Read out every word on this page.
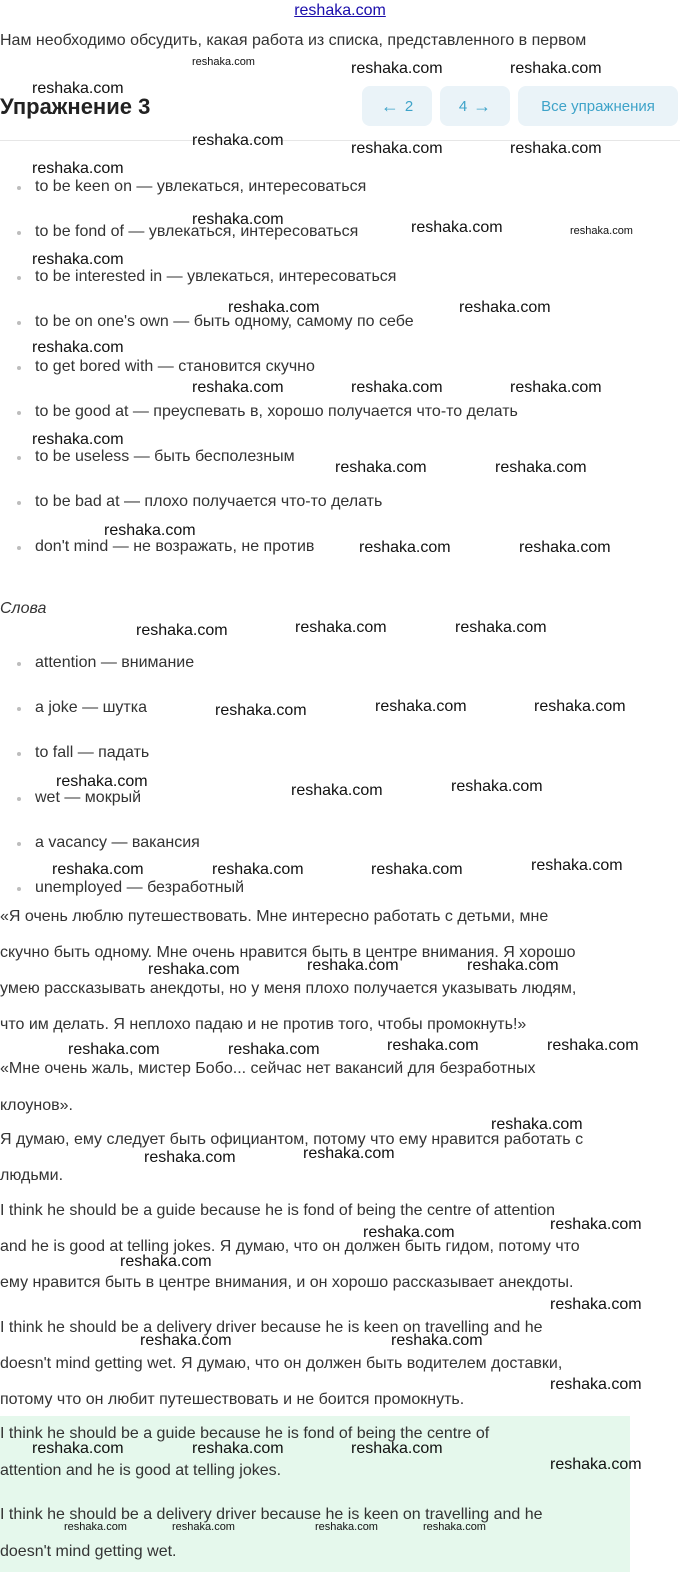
reshaka.com
Нам необходимо обсудить, какая работа из списка, представленного в первом
Упражнение 3	← 2	4 →	Все упражнения
to be keen on — увлекаться, интересоваться
to be fond of — увлекаться, интересоваться
to be interested in — увлекаться, интересоваться
to be on one's own — быть одному, самому по себе
to get bored with — становится скучно
to be good at — преуспевать в, хорошо получается что-то делать
to be useless — быть бесполезным
to be bad at — плохо получается что-то делать
don't mind — не возражать, не против
Слова
attention — внимание
a joke — шутка
to fall — падать
wet — мокрый
a vacancy — вакансия
unemployed — безработный
«Я очень люблю путешествовать. Мне интересно работать с детьми, мне
скучно быть одному. Мне очень нравится быть в центре внимания. Я хорошо
умею рассказывать анекдоты, но у меня плохо получается указывать людям,
что им делать. Я неплохо падаю и не против того, чтобы промокнуть!»
«Мне очень жаль, мистер Бобо... сейчас нет вакансий для безработных
клоунов».
Я думаю, ему следует быть официантом, потому что ему нравится работать с
людьми.
I think he should be a guide because he is fond of being the centre of attention
and he is good at telling jokes. Я думаю, что он должен быть гидом, потому что
ему нравится быть в центре внимания, и он хорошо рассказывает анекдоты.
I think he should be a delivery driver because he is keen on travelling and he
doesn't mind getting wet. Я думаю, что он должен быть водителем доставки,
потому что он любит путешествовать и не боится промокнуть.
I think he should be a guide because he is fond of being the centre of
attention and he is good at telling jokes.
I think he should be a delivery driver because he is keen on travelling and he
doesn't mind getting wet.
reshaka.com
reshaka.com
reshaka.com	reshaka.com
reshaka.com	reshaka.com	reshaka.com
reshaka.com
reshaka.com	reshaka.com	reshaka.com
reshaka.com
reshaka.com	reshaka.com
reshaka.com
reshaka.com	reshaka.com	reshaka.com
reshaka.com
reshaka.com	reshaka.com
reshaka.com
reshaka.com	reshaka.com
reshaka.com	reshaka.com	reshaka.com
reshaka.com	reshaka.com	reshaka.com
reshaka.com
reshaka.com	reshaka.com
reshaka.com	reshaka.com	reshaka.com	reshaka.com
reshaka.com	reshaka.com	reshaka.com
reshaka.com	reshaka.com	reshaka.com	reshaka.com
reshaka.com
reshaka.com	reshaka.com
reshaka.com
reshaka.com
reshaka.com
reshaka.com
reshaka.com	reshaka.com
reshaka.com
reshaka.com	reshaka.com	reshaka.com
reshaka.com
reshaka.com	reshaka.com	reshaka.com	reshaka.com
